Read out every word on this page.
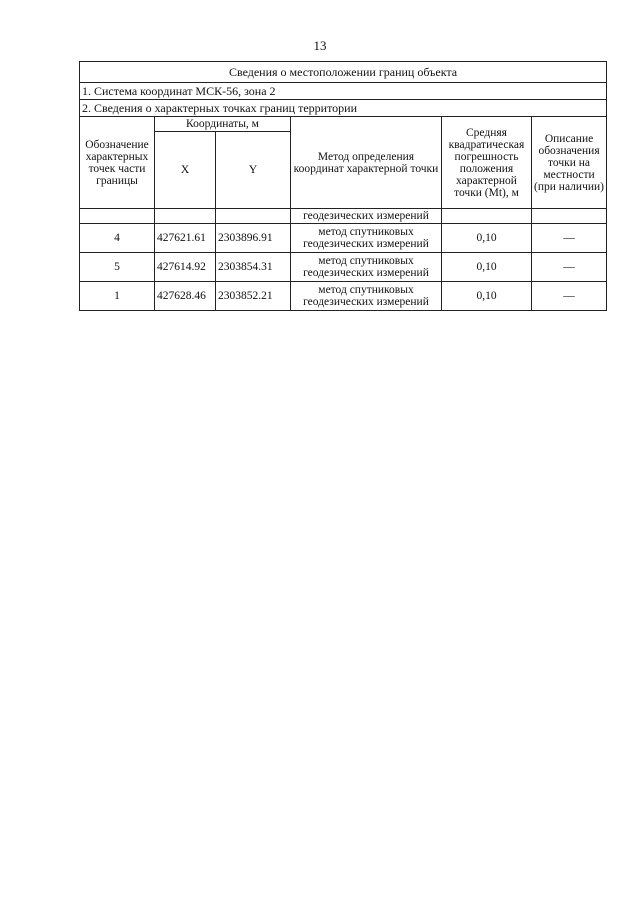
13
Сведения о местоположении границ объекта					
1. Система координат МСК-56, зона 2					
2. Сведения о характерных точках границ территории					
Обозначение характерных точек части границы	Координаты, м		Метод определения координат характерной точки	Средняя квадратическая погрешность положения характерной точки (Mt), м	Описание обозначения точки на местности (при наличии)
	X	Y			
			геодезических измерений		
4	427621.61	2303896.91	метод спутниковых геодезических измерений	0,10	—
5	427614.92	2303854.31	метод спутниковых геодезических измерений	0,10	—
1	427628.46	2303852.21	метод спутниковых геодезических измерений	0,10	—
